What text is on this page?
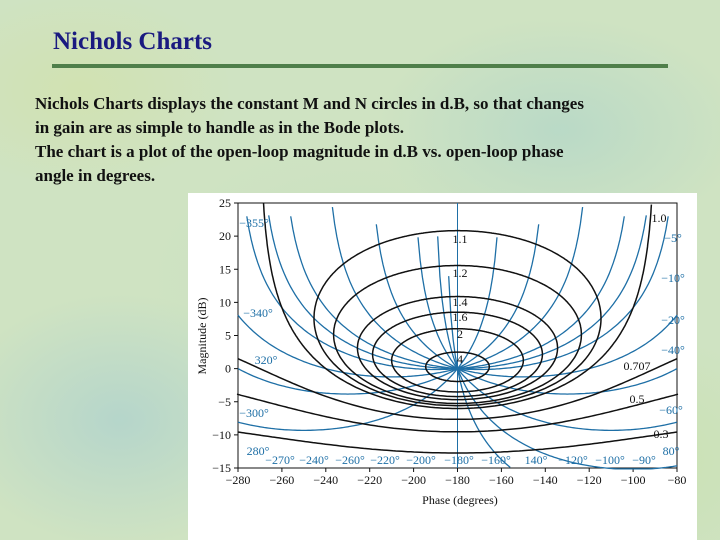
Nichols Charts
Nichols Charts displays the constant M and N circles in d.B, so that changes
in gain are as simple to handle as in the Bode plots.
The chart is a plot of the open-loop magnitude in d.B vs. open-loop phase
angle in degrees.
Magnitude (dB)
Phase (degrees)
−280 −260 −240 −220 −200 −180 −160 −140 −120 −100 −80
25
20
15
10
5
0
−5
−10
−15
1.0
1.1
1.2
1.4
1.6
2
4	0.707
0.5
0.3
−355°
−5°
−10°
−340°	−20°
320°
−40°
−300°	−60°
280°	80°
−270° −240° −260° −220° −200° −180° −160° 140° −120° −100° −90°
